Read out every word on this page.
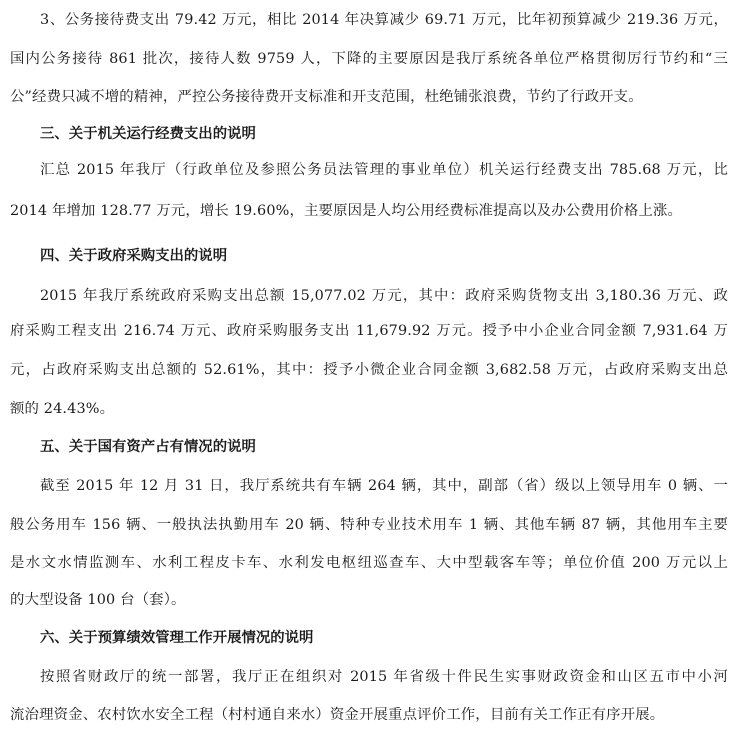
3、公务接待费支出 79.42 万元，相比 2014 年决算减少 69.71 万元，比年初预算减少 219.36 万元，
国内公务接待 861 批次，接待人数 9759 人，下降的主要原因是我厅系统各单位严格贯彻厉行节约和“三
公”经费只减不增的精神，严控公务接待费开支标准和开支范围，杜绝铺张浪费，节约了行政开支。
三、关于机关运行经费支出的说明
汇总 2015 年我厅（行政单位及参照公务员法管理的事业单位）机关运行经费支出 785.68 万元，比
2014 年增加 128.77 万元，增长 19.60%，主要原因是人均公用经费标准提高以及办公费用价格上涨。
四、关于政府采购支出的说明
2015 年我厅系统政府采购支出总额 15,077.02 万元，其中：政府采购货物支出 3,180.36 万元、政
府采购工程支出 216.74 万元、政府采购服务支出 11,679.92 万元。授予中小企业合同金额 7,931.64 万
元，占政府采购支出总额的 52.61%，其中：授予小微企业合同金额 3,682.58 万元，占政府采购支出总
额的 24.43%。
五、关于国有资产占有情况的说明
截至 2015 年 12 月 31 日，我厅系统共有车辆 264 辆，其中，副部（省）级以上领导用车 0 辆、一
般公务用车 156 辆、一般执法执勤用车 20 辆、特种专业技术用车 1 辆、其他车辆 87 辆，其他用车主要
是水文水情监测车、水利工程皮卡车、水利发电枢纽巡查车、大中型载客车等；单位价值 200 万元以上
的大型设备 100 台（套）。
六、关于预算绩效管理工作开展情况的说明
按照省财政厅的统一部署，我厅正在组织对 2015 年省级十件民生实事财政资金和山区五市中小河
流治理资金、农村饮水安全工程（村村通自来水）资金开展重点评价工作，目前有关工作正有序开展。
